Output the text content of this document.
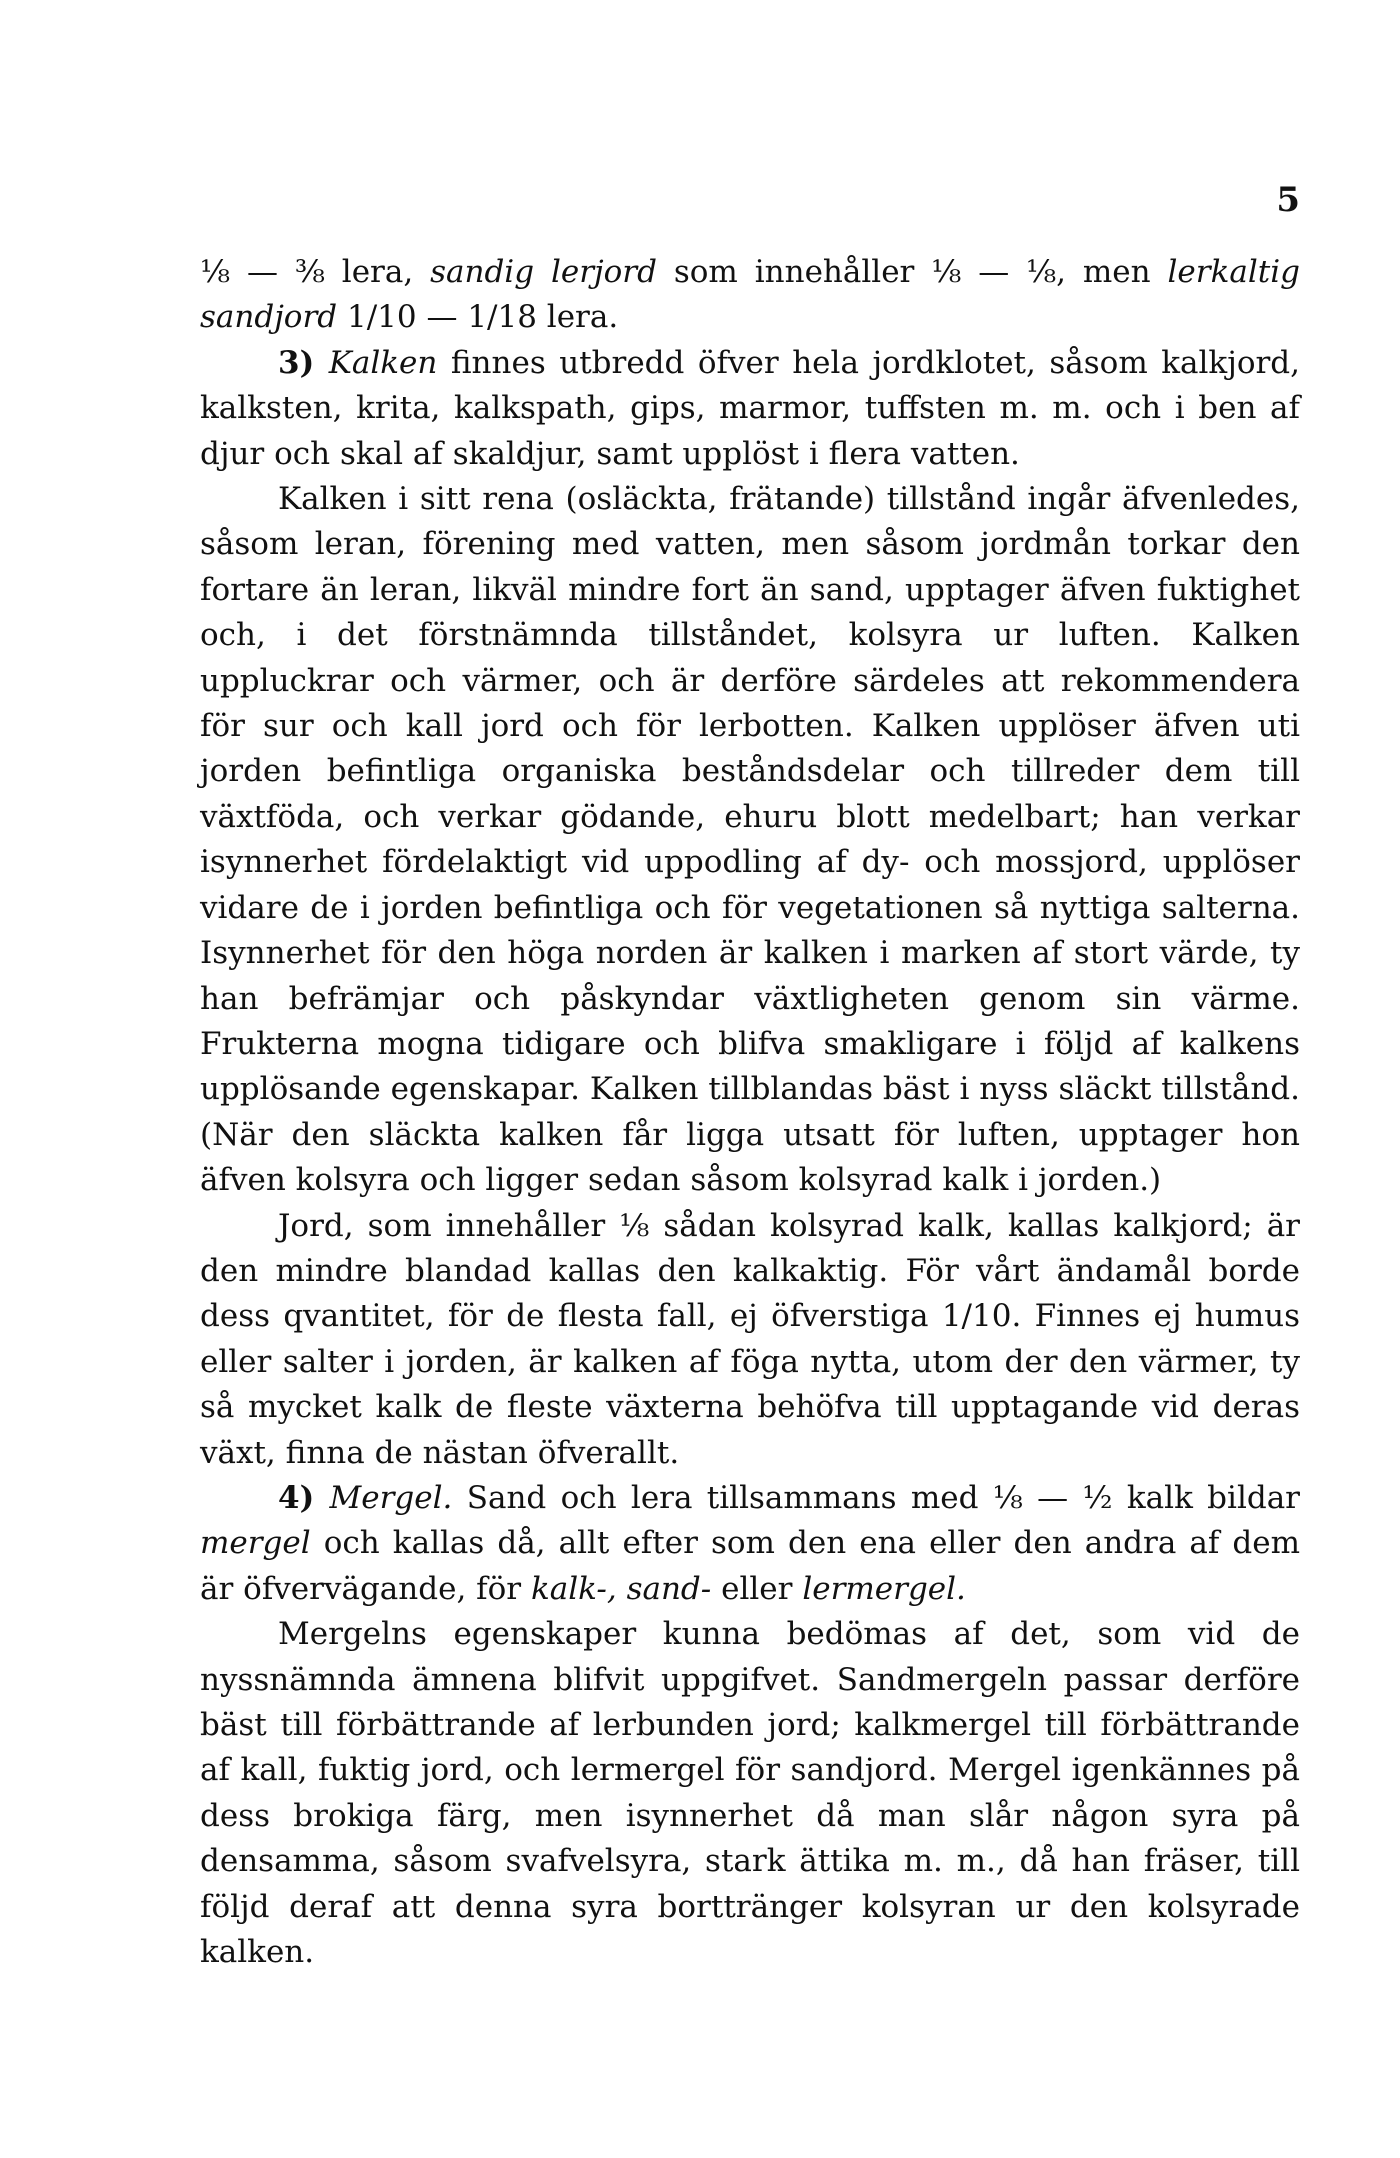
5

⅛ — ⅜ lera, sandig lerjord som innehåller ⅛ — ⅛, men lerkaltig sandjord 1/10 — 1/18 lera.

3) Kalken finnes utbredd öfver hela jordklotet, såsom kalkjord, kalksten, krita, kalkspath, gips, marmor, tuffsten m. m. och i ben af djur och skal af skaldjur, samt upplöst i flera vatten.

Kalken i sitt rena (osläckta, frätande) tillstånd ingår äfvenledes, såsom leran, förening med vatten, men såsom jordmån torkar den fortare än leran, likväl mindre fort än sand, upptager äfven fuktighet och, i det förstnämnda tillståndet, kolsyra ur luften. Kalken uppluckrar och värmer, och är derföre särdeles att rekommendera för sur och kall jord och för lerbotten. Kalken upplöser äfven uti jorden befintliga organiska beståndsdelar och tillreder dem till växtföda, och verkar gödande, ehuru blott medelbart; han verkar isynnerhet fördelaktigt vid uppodling af dy- och mossjord, upplöser vidare de i jorden befintliga och för vegetationen så nyttiga salterna. Isynnerhet för den höga norden är kalken i marken af stort värde, ty han befrämjar och påskyndar växtligheten genom sin värme. Frukterna mogna tidigare och blifva smakligare i följd af kalkens upplösande egenskapar. Kalken tillblandas bäst i nyss släckt tillstånd. (När den släckta kalken får ligga utsatt för luften, upptager hon äfven kolsyra och ligger sedan såsom kolsyrad kalk i jorden.)

Jord, som innehåller ⅛ sådan kolsyrad kalk, kallas kalkjord; är den mindre blandad kallas den kalkaktig. För vårt ändamål borde dess qvantitet, för de flesta fall, ej öfverstiga 1/10. Finnes ej humus eller salter i jorden, är kalken af föga nytta, utom der den värmer, ty så mycket kalk de fleste växterna behöfva till upptagande vid deras växt, finna de nästan öfverallt.

4) Mergel. Sand och lera tillsammans med ⅛ — ½ kalk bildar mergel och kallas då, allt efter som den ena eller den andra af dem är öfvervägande, för kalk-, sand- eller lermergel.

Mergelns egenskaper kunna bedömas af det, som vid de nyssnämnda ämnena blifvit uppgifvet. Sandmergeln passar derföre bäst till förbättrande af lerbunden jord; kalkmergel till förbättrande af kall, fuktig jord, och lermergel för sandjord. Mergel igenkännes på dess brokiga färg, men isynnerhet då man slår någon syra på densamma, såsom svafvelsyra, stark ättika m. m., då han fräser, till följd deraf att denna syra borttränger kolsyran ur den kolsyrade kalken.
